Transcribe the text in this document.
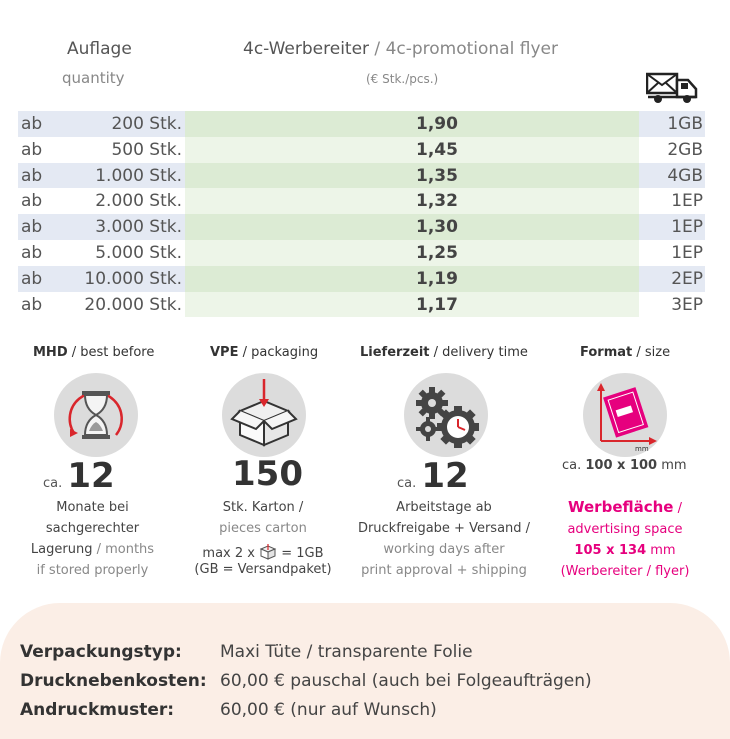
Auflage
quantity
4c-Werbereiter / 4c-promotional flyer
(€ Stk./pcs.)
ab	200 Stk.	1,90	1GB
ab	500 Stk.	1,45	2GB
ab	1.000 Stk.	1,35	4GB
ab	2.000 Stk.	1,32	1EP
ab	3.000 Stk.	1,30	1EP
ab	5.000 Stk.	1,25	1EP
ab 10.000 Stk.	1,19	2EP
ab 20.000 Stk.	1,17	3EP
MHD / best before
ca. 12
Monate bei
sachgerechter
Lagerung / months
if stored properly
VPE / packaging
150
Stk. Karton /
pieces carton
max 2 x = 1GB
(GB = Versandpaket)
Lieferzeit / delivery time
ca. 12
Arbeitstage ab
Druckfreigabe + Versand /
working days after
print approval + shipping
Format / size
mm
ca. 100 x 100 mm
Werbefläche /
advertising space
105 x 134 mm
(Werbereiter / flyer)
Verpackungstyp: Maxi Tüte / transparente Folie
Drucknebenkosten: 60,00 € pauschal (auch bei Folgeaufträgen)
Andruckmuster:	60,00 € (nur auf Wunsch)
